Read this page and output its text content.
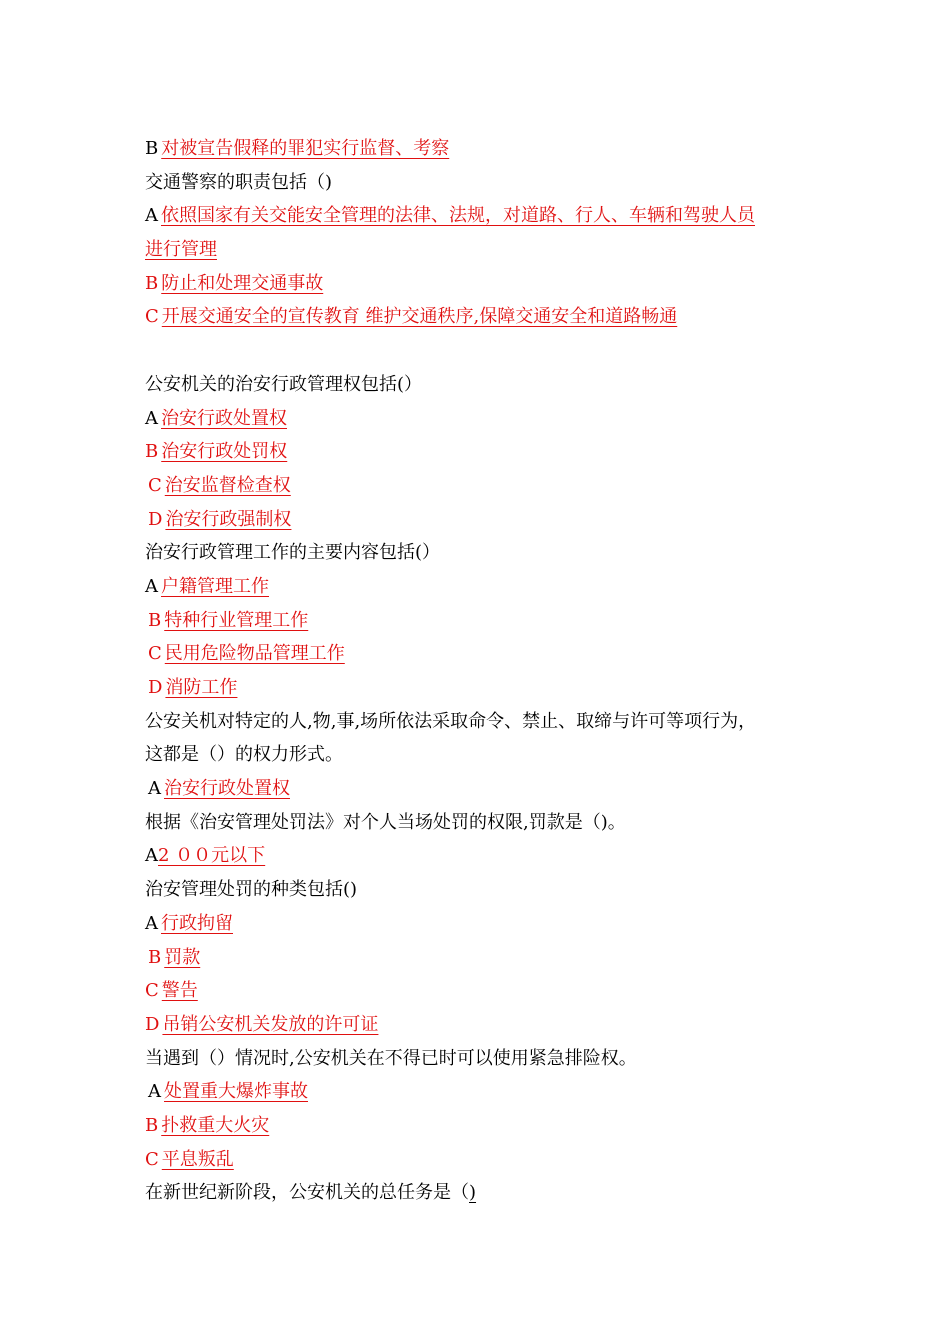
B 对被宣告假释的罪犯实行监督、考察
交通警察的职责包括（)
A 依照国家有关交能安全管理的法律、法规，对道路、行人、车辆和驾驶人员
进行管理
B 防止和处理交通事故
C 开展交通安全的宣传教育 维护交通秩序,保障交通安全和道路畅通
公安机关的治安行政管理权包括(）
A 治安行政处置权
B 治安行政处罚权
C 治安监督检查权
D 治安行政强制权
治安行政管理工作的主要内容包括(）
A 户籍管理工作
B 特种行业管理工作
C 民用危险物品管理工作
D 消防工作
公安关机对特定的人,物,事,场所依法采取命令、禁止、取缔与许可等项行为，
这都是（）的权力形式。
A 治安行政处置权
根据《治安管理处罚法》对个人当场处罚的权限,罚款是（)。
A2 ００元以下
治安管理处罚的种类包括()
A 行政拘留
B 罚款
C 警告
D 吊销公安机关发放的许可证
当遇到（）情况时,公安机关在不得已时可以使用紧急排险权。
A 处置重大爆炸事故
B 扑救重大火灾
C 平息叛乱
在新世纪新阶段，公安机关的总任务是（)
